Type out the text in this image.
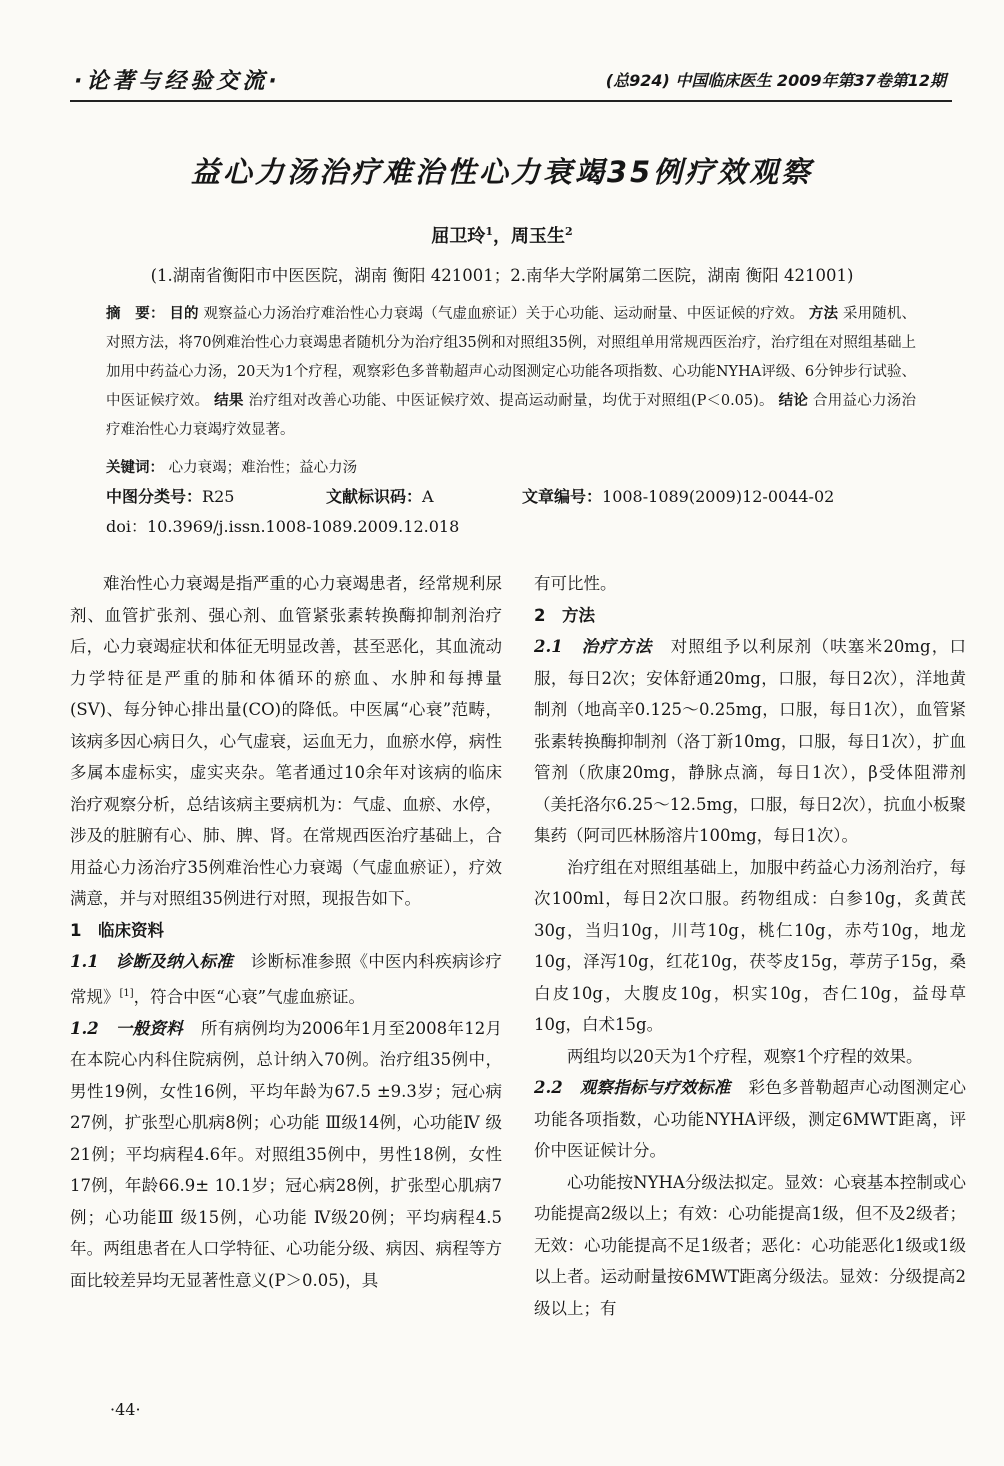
·论著与经验交流·	(总924) 中国临床医生 2009年第37卷第12期
益心力汤治疗难治性心力衰竭35例疗效观察
屈卫玲$^1$，周玉生$^2$
(1.湖南省衡阳市中医医院，湖南 衡阳 421001；2.南华大学附属第二医院，湖南 衡阳 421001)
摘　要： 目的 观察益心力汤治疗难治性心力衰竭（气虚血瘀证）关于心功能、运动耐量、中医证候的疗效。 方法 采用随机、对照方法，将70例难治性心力衰竭患者随机分为治疗组35例和对照组35例，对照组单用常规西医治疗，治疗组在对照组基础上加用中药益心力汤，20天为1个疗程，观察彩色多普勒超声心动图测定心功能各项指数、心功能NYHA评级、6分钟步行试验、中医证候疗效。 结果 治疗组对改善心功能、中医证候疗效、提高运动耐量，均优于对照组(P＜0.05)。 结论 合用益心力汤治疗难治性心力衰竭疗效显著。
关键词： 心力衰竭；难治性；益心力汤
中图分类号：R25	文献标识码：A	文章编号：1008-1089(2009)12-0044-02
doi：10.3969/j.issn.1008-1089.2009.12.018

难治性心力衰竭是指严重的心力衰竭患者，经常规利尿剂、血管扩张剂、强心剂、血管紧张素转换酶抑制剂治疗后，心力衰竭症状和体征无明显改善，甚至恶化，其血流动力学特征是严重的肺和体循环的瘀血、水肿和每搏量(SV)、每分钟心排出量(CO)的降低。中医属“心衰”范畴，该病多因心病日久，心气虚衰，运血无力，血瘀水停，病性多属本虚标实，虚实夹杂。笔者通过10余年对该病的临床治疗观察分析，总结该病主要病机为：气虚、血瘀、水停，涉及的脏腑有心、肺、脾、肾。在常规西医治疗基础上，合用益心力汤治疗35例难治性心力衰竭（气虚血瘀证），疗效满意，并与对照组35例进行对照，现报告如下。

1　临床资料

1.1　诊断及纳入标准 诊断标准参照《中医内科疾病诊疗常规》[1]，符合中医“心衰”气虚血瘀证。

1.2　一般资料 所有病例均为2006年1月至2008年12月在本院心内科住院病例，总计纳入70例。治疗组35例中，男性19例，女性16例，平均年龄为67.5 ±9.3岁；冠心病27例，扩张型心肌病8例；心功能 Ⅲ级14例，心功能Ⅳ 级21例；平均病程4.6年。对照组35例中，男性18例，女性17例，年龄66.9± 10.1岁；冠心病28例，扩张型心肌病7例；心功能Ⅲ 级15例，心功能 Ⅳ级20例；平均病程4.5年。两组患者在人口学特征、心功能分级、病因、病程等方面比较差异均无显著性意义(P＞0.05)，具

有可比性。

2　方法

2.1　治疗方法 对照组予以利尿剂（呋塞米20mg，口服，每日2次；安体舒通20mg，口服，每日2次），洋地黄制剂（地高辛0.125～0.25mg，口服，每日1次），血管紧张素转换酶抑制剂（洛丁新10mg，口服，每日1次），扩血管剂（欣康20mg，静脉点滴，每日1次），β受体阻滞剂（美托洛尔6.25～12.5mg，口服，每日2次），抗血小板聚集药（阿司匹林肠溶片100mg，每日1次）。

治疗组在对照组基础上，加服中药益心力汤剂治疗，每次100ml，每日2次口服。药物组成：白参10g，炙黄芪30g，当归10g，川芎10g，桃仁10g，赤芍10g，地龙10g，泽泻10g，红花10g，茯苓皮15g，葶苈子15g，桑白皮10g，大腹皮10g，枳实10g，杏仁10g，益母草10g，白术15g。

两组均以20天为1个疗程，观察1个疗程的效果。

2.2　观察指标与疗效标准 彩色多普勒超声心动图测定心功能各项指数，心功能NYHA评级，测定6MWT距离，评价中医证候计分。

心功能按NYHA分级法拟定。显效：心衰基本控制或心功能提高2级以上；有效：心功能提高1级，但不及2级者；无效：心功能提高不足1级者；恶化：心功能恶化1级或1级以上者。运动耐量按6MWT距离分级法。显效：分级提高2级以上；有

·44·
